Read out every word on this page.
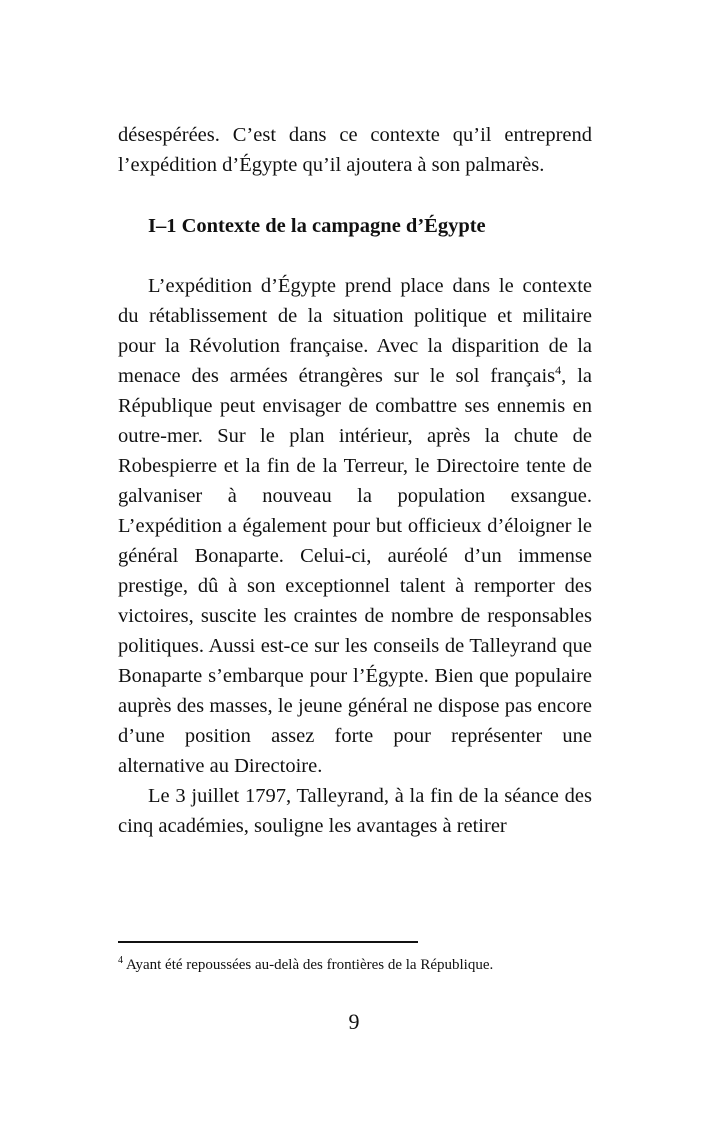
désespérées. C’est dans ce contexte qu’il entreprend l’expédition d’Égypte qu’il ajoutera à son palmarès.

I–1 Contexte de la campagne d’Égypte

L’expédition d’Égypte prend place dans le contexte du rétablissement de la situation politique et militaire pour la Révolution française. Avec la disparition de la menace des armées étrangères sur le sol français$^4$, la République peut envisager de combattre ses ennemis en outre-mer. Sur le plan intérieur, après la chute de Robespierre et la fin de la Terreur, le Directoire tente de galvaniser à nouveau la population exsangue. L’expédition a également pour but officieux d’éloigner le général Bonaparte. Celui-ci, auréolé d’un immense prestige, dû à son exceptionnel talent à remporter des victoires, suscite les craintes de nombre de responsables politiques. Aussi est-ce sur les conseils de Talleyrand que Bonaparte s’embarque pour l’Égypte. Bien que populaire auprès des masses, le jeune général ne dispose pas encore d’une position assez forte pour représenter une alternative au Directoire.

Le 3 juillet 1797, Talleyrand, à la fin de la séance des cinq académies, souligne les avantages à retirer

$^4$ Ayant été repoussées au-delà des frontières de la République.
9
